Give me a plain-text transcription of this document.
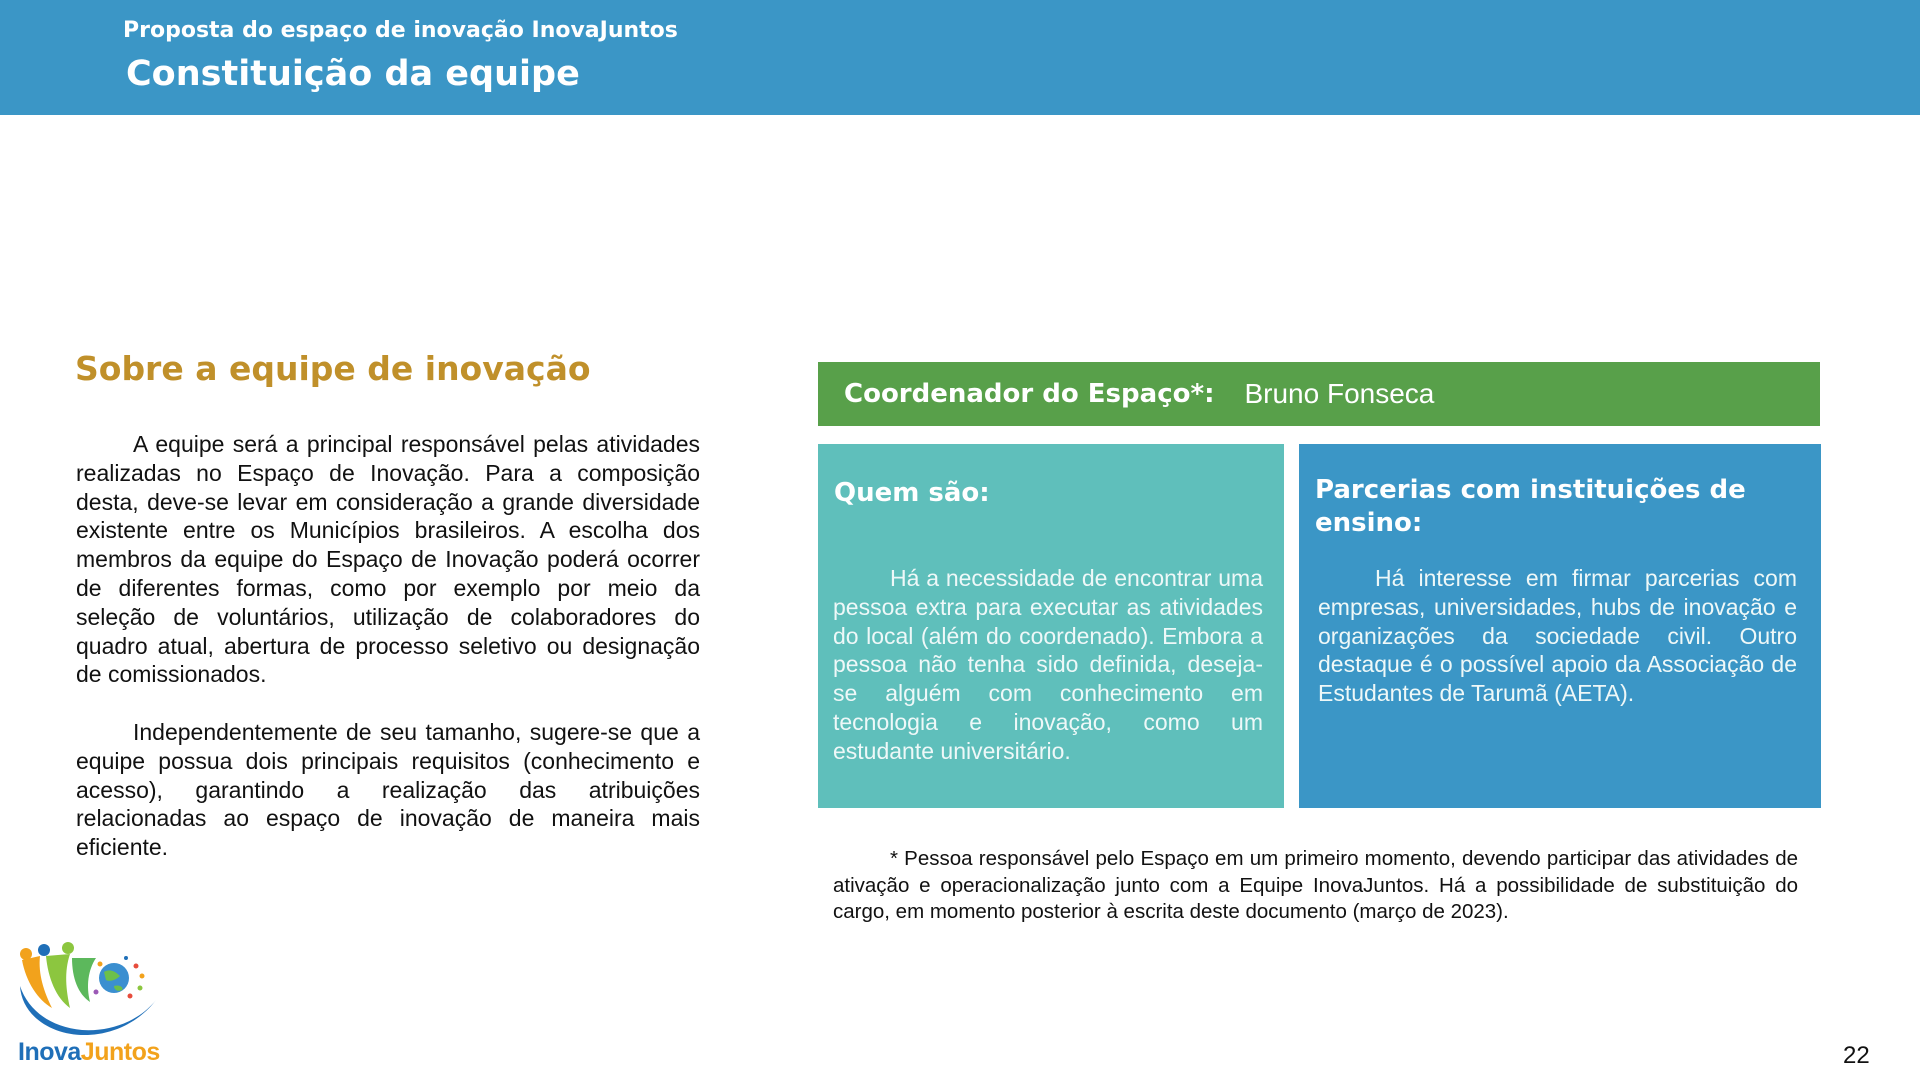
Proposta do espaço de inovação InovaJuntos
Constituição da equipe
Sobre a equipe de inovação

A equipe será a principal responsável pelas atividades realizadas no Espaço de Inovação. Para a composição desta, deve-se levar em consideração a grande diversidade existente entre os Municípios brasileiros. A escolha dos membros da equipe do Espaço de Inovação poderá ocorrer de diferentes formas, como por exemplo por meio da seleção de voluntários, utilização de colaboradores do quadro atual, abertura de processo seletivo ou designação de comissionados.

Independentemente de seu tamanho, sugere-se que a equipe possua dois principais requisitos (conhecimento e acesso), garantindo a realização das atribuições relacionadas ao espaço de inovação de maneira mais eficiente.

Coordenador do Espaço*: Bruno Fonseca
Quem são:

Há a necessidade de encontrar uma pessoa extra para executar as atividades do local (além do coordenado). Embora a pessoa não tenha sido definida, deseja-se alguém com conhecimento em tecnologia e inovação, como um estudante universitário.

Parcerias com instituições de ensino:

Há interesse em firmar parcerias com empresas, universidades, hubs de inovação e organizações da sociedade civil. Outro destaque é o possível apoio da Associação de Estudantes de Tarumã (AETA).

* Pessoa responsável pelo Espaço em um primeiro momento, devendo participar das atividades de ativação e operacionalização junto com a Equipe InovaJuntos. Há a possibilidade de substituição do cargo, em momento posterior à escrita deste documento (março de 2023).

InovaJuntos	22
